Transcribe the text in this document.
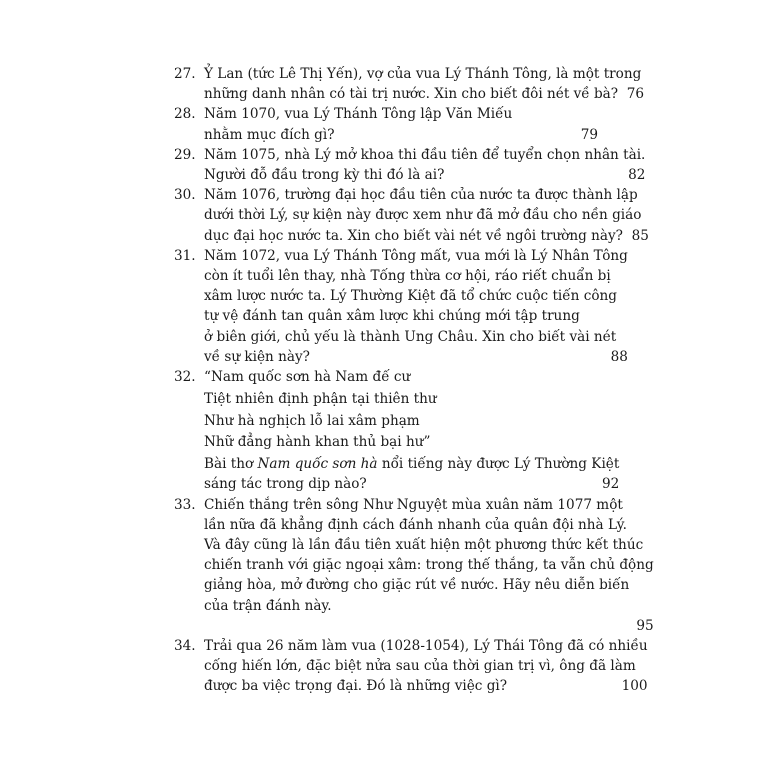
27. Ỷ Lan (tức Lê Thị Yến), vợ của vua Lý Thánh Tông, là một trong
những danh nhân có tài trị nước. Xin cho biết đôi nét về bà? 76
28. Năm 1070, vua Lý Thánh Tông lập Văn Miếu
nhằm mục đích gì?	79
29. Năm 1075, nhà Lý mở khoa thi đầu tiên để tuyển chọn nhân tài.
Người đỗ đầu trong kỳ thi đó là ai?	82
30. Năm 1076, trường đại học đầu tiên của nước ta được thành lập
dưới thời Lý, sự kiện này được xem như đã mở đầu cho nền giáo
dục đại học nước ta. Xin cho biết vài nét về ngôi trường này? 85
31. Năm 1072, vua Lý Thánh Tông mất, vua mới là Lý Nhân Tông
còn ít tuổi lên thay, nhà Tống thừa cơ hội, ráo riết chuẩn bị
xâm lược nước ta. Lý Thường Kiệt đã tổ chức cuộc tiến công
tự vệ đánh tan quân xâm lược khi chúng mới tập trung
ở biên giới, chủ yếu là thành Ung Châu. Xin cho biết vài nét
về sự kiện này?	88
32. “Nam quốc sơn hà Nam đế cư
Tiệt nhiên định phận tại thiên thư
Như hà nghịch lỗ lai xâm phạm
Nhữ đẳng hành khan thủ bại hư”
Bài thơ Nam quốc sơn hà nổi tiếng này được Lý Thường Kiệt
sáng tác trong dịp nào?	92
33. Chiến thắng trên sông Như Nguyệt mùa xuân năm 1077 một
lần nữa đã khẳng định cách đánh nhanh của quân đội nhà Lý.
Và đây cũng là lần đầu tiên xuất hiện một phương thức kết thúc
chiến tranh với giặc ngoại xâm: trong thế thắng, ta vẫn chủ động
giảng hòa, mở đường cho giặc rút về nước. Hãy nêu diễn biến
của trận đánh này.

95
34. Trải qua 26 năm làm vua (1028-1054), Lý Thái Tông đã có nhiều
cống hiến lớn, đặc biệt nửa sau của thời gian trị vì, ông đã làm
được ba việc trọng đại. Đó là những việc gì?	100
